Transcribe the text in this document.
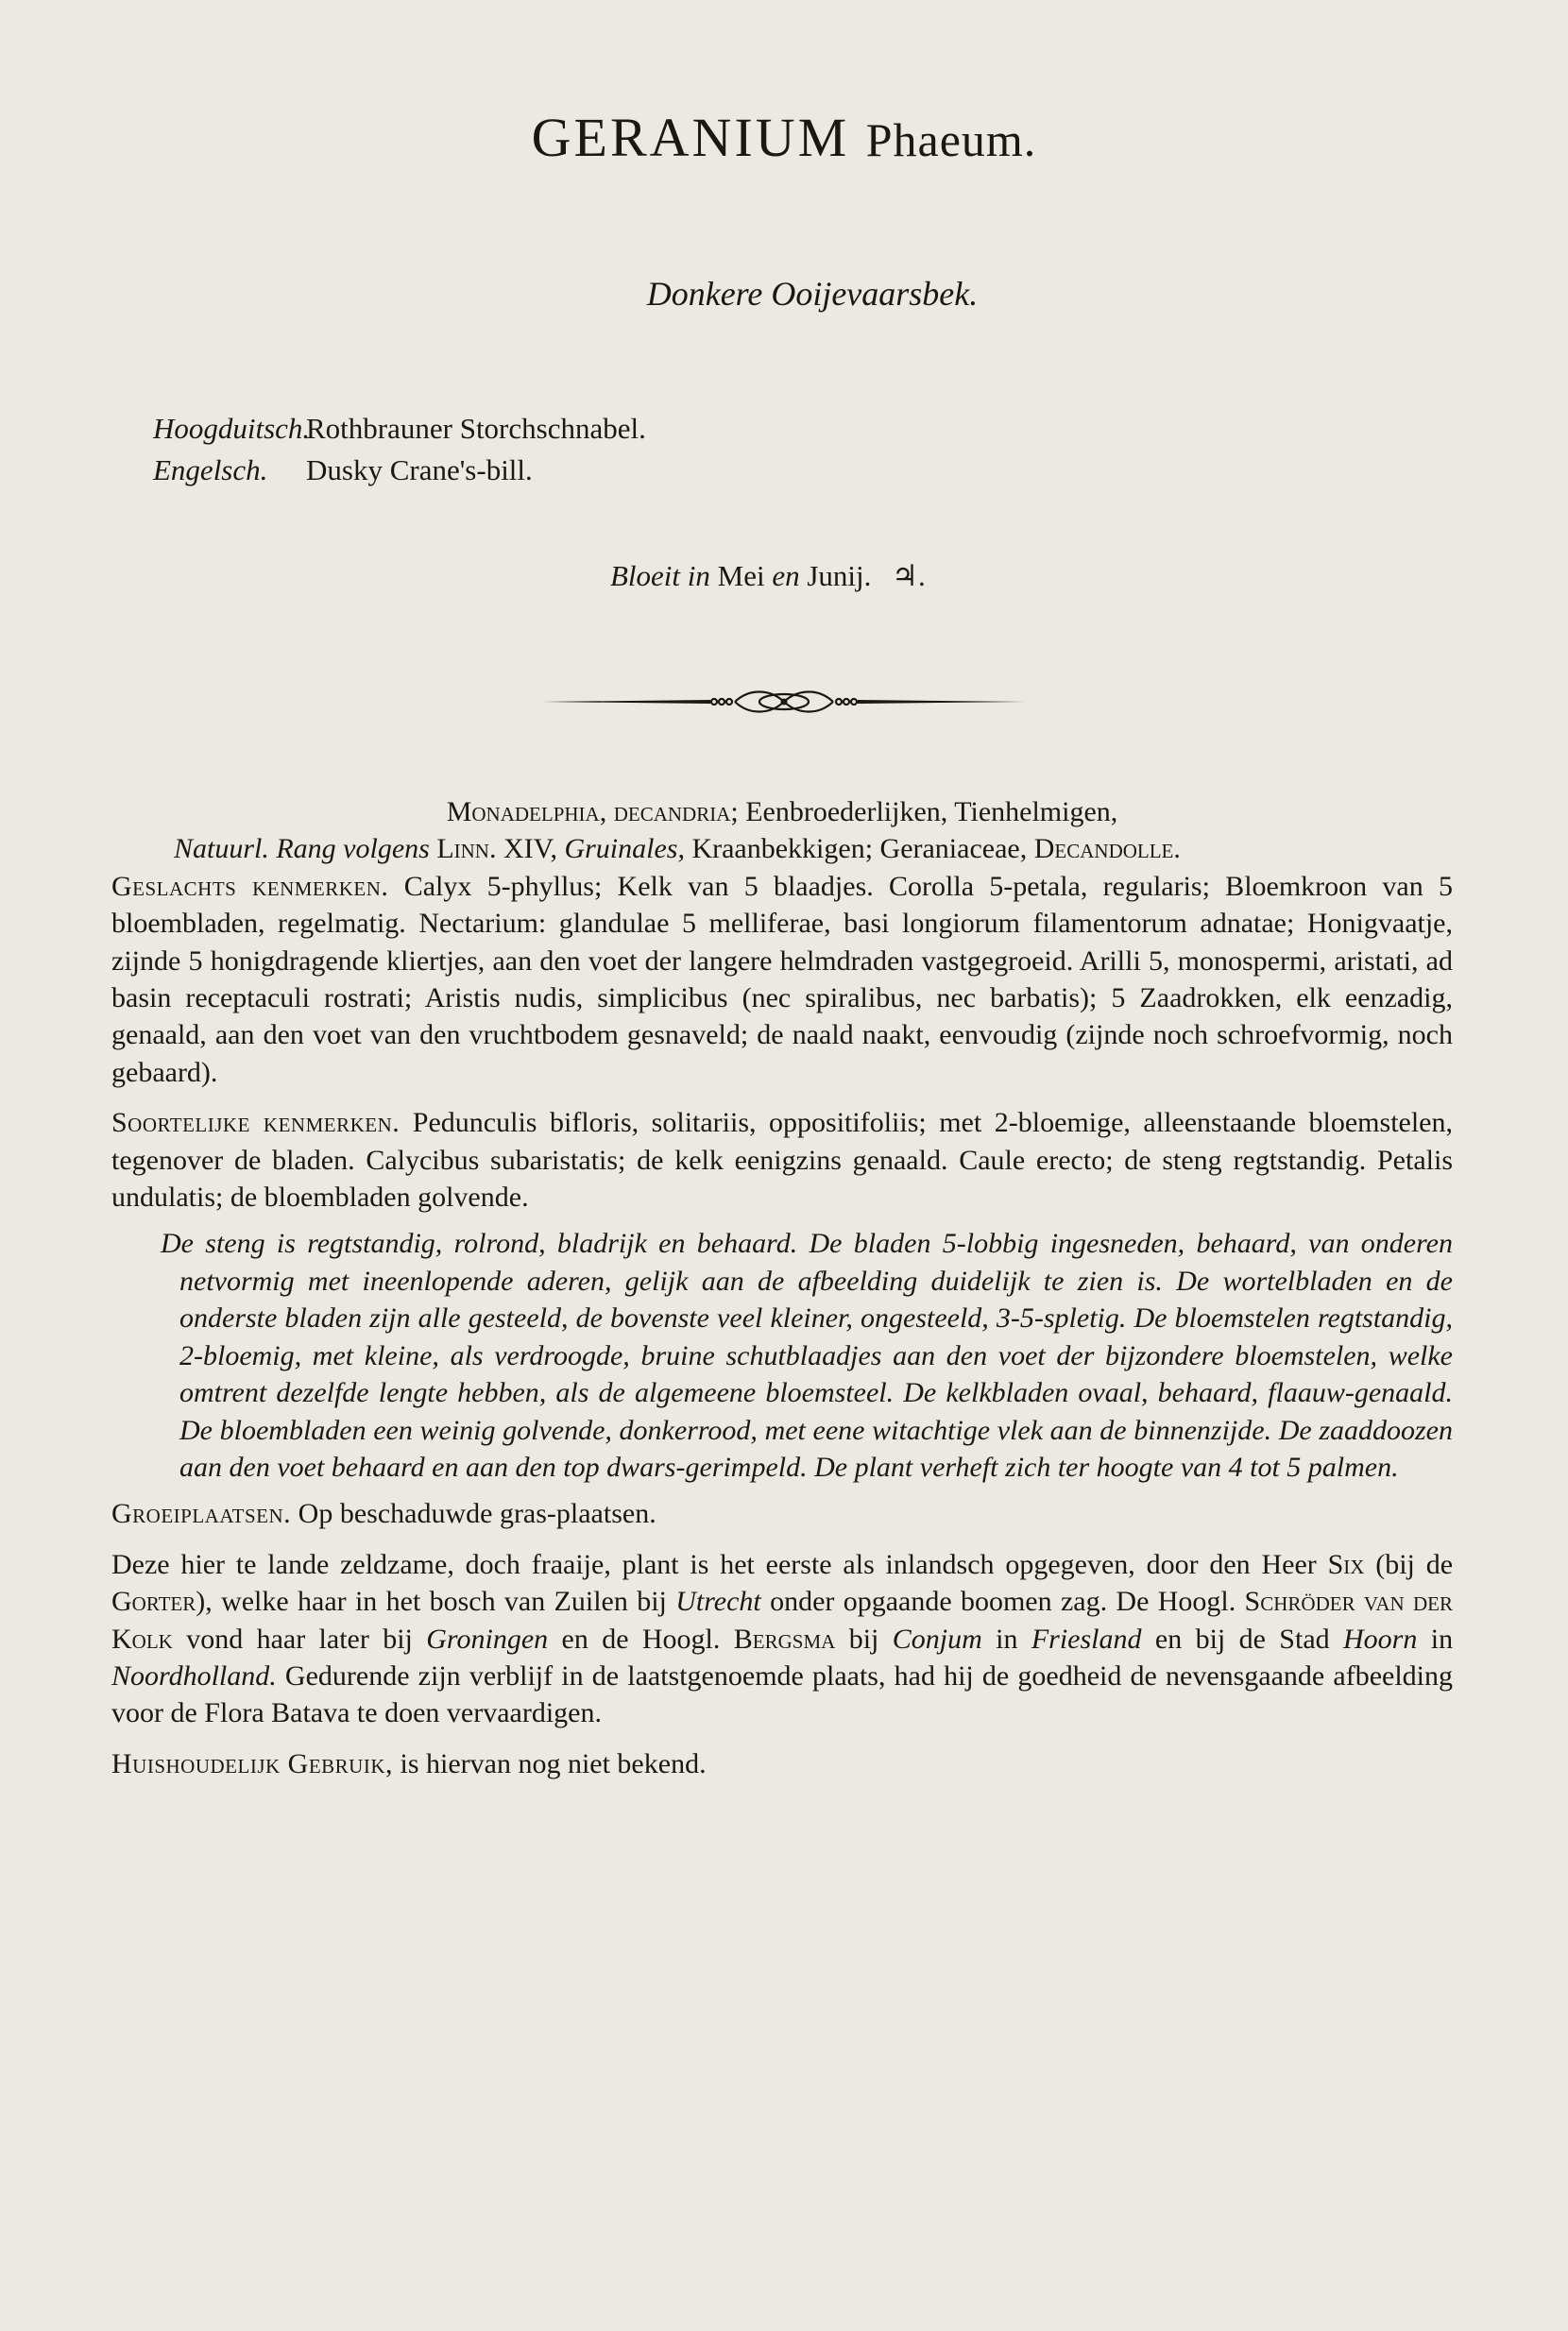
GERANIUM Phaeum.
Donkere Ooijevaarsbek.
Hoogduitsch.Rothbrauner Storchschnabel.
Engelsch. Dusky Crane's-bill.
Bloeit in Mei en Junij. ♃.

Monadelphia, decandria; Eenbroederlijken, Tienhelmigen,

Natuurl. Rang volgens Linn. XIV, Gruinales, Kraanbekkigen; Geraniaceae, Decandolle.

Geslachts kenmerken. Calyx 5-phyllus; Kelk van 5 blaadjes. Corolla 5-petala, regularis; Bloemkroon van 5 bloembladen, regelmatig. Nectarium: glandulae 5 melliferae, basi longiorum filamentorum adnatae; Honigvaatje, zijnde 5 honigdragende kliertjes, aan den voet der langere helmdraden vastgegroeid. Arilli 5, monospermi, aristati, ad basin receptaculi rostrati; Aristis nudis, simplicibus (nec spiralibus, nec barbatis); 5 Zaadrokken, elk eenzadig, genaald, aan den voet van den vruchtbodem gesnaveld; de naald naakt, eenvoudig (zijnde noch schroefvormig, noch gebaard).

Soortelijke kenmerken. Pedunculis bifloris, solitariis, oppositifoliis; met 2-bloemige, alleenstaande bloemstelen, tegenover de bladen. Calycibus subaristatis; de kelk eenigzins genaald. Caule erecto; de steng regtstandig. Petalis undulatis; de bloembladen golvende.

De steng is regtstandig, rolrond, bladrijk en behaard. De bladen 5-lobbig ingesneden, behaard, van onderen netvormig met ineenlopende aderen, gelijk aan de afbeelding duidelijk te zien is. De wortelbladen en de onderste bladen zijn alle gesteeld, de bovenste veel kleiner, ongesteeld, 3-5-spletig. De bloemstelen regtstandig, 2-bloemig, met kleine, als verdroogde, bruine schutblaadjes aan den voet der bijzondere bloemstelen, welke omtrent dezelfde lengte hebben, als de algemeene bloemsteel. De kelkbladen ovaal, behaard, flaauw-genaald. De bloembladen een weinig golvende, donkerrood, met eene witachtige vlek aan de binnenzijde. De zaaddoozen aan den voet behaard en aan den top dwars-gerimpeld. De plant verheft zich ter hoogte van 4 tot 5 palmen.

Groeiplaatsen. Op beschaduwde gras-plaatsen.

Deze hier te lande zeldzame, doch fraaije, plant is het eerste als inlandsch opgegeven, door den Heer Six (bij de Gorter), welke haar in het bosch van Zuilen bij Utrecht onder opgaande boomen zag. De Hoogl. Schröder van der Kolk vond haar later bij Groningen en de Hoogl. Bergsma bij Conjum in Friesland en bij de Stad Hoorn in Noordholland. Gedurende zijn verblijf in de laatstgenoemde plaats, had hij de goedheid de nevensgaande afbeelding voor de Flora Batava te doen vervaardigen.

Huishoudelijk Gebruik, is hiervan nog niet bekend.
